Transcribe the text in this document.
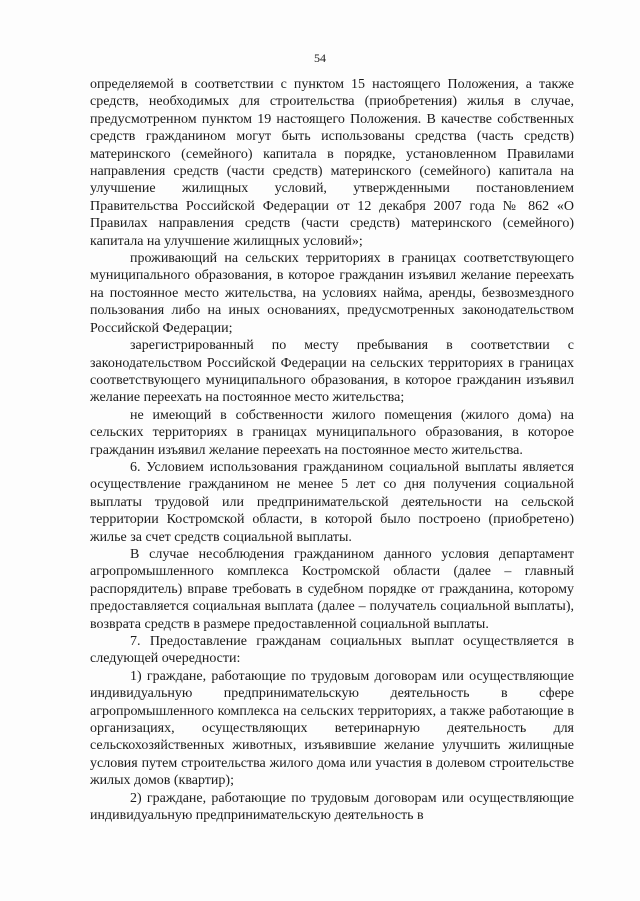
54

определяемой в соответствии с пунктом 15 настоящего Положения, а также средств, необходимых для строительства (приобретения) жилья в случае, предусмотренном пунктом 19 настоящего Положения. В качестве собственных средств гражданином могут быть использованы средства (часть средств) материнского (семейного) капитала в порядке, установленном Правилами направления средств (части средств) материнского (семейного) капитала на улучшение жилищных условий, утвержденными постановлением Правительства Российской Федерации от 12 декабря 2007 года № 862 «О Правилах направления средств (части средств) материнского (семейного) капитала на улучшение жилищных условий»;

проживающий на сельских территориях в границах соответствующего муниципального образования, в которое гражданин изъявил желание переехать на постоянное место жительства, на условиях найма, аренды, безвозмездного пользования либо на иных основаниях, предусмотренных законодательством Российской Федерации;

зарегистрированный по месту пребывания в соответствии с законодательством Российской Федерации на сельских территориях в границах соответствующего муниципального образования, в которое гражданин изъявил желание переехать на постоянное место жительства;

не имеющий в собственности жилого помещения (жилого дома) на сельских территориях в границах муниципального образования, в которое гражданин изъявил желание переехать на постоянное место жительства.

6. Условием использования гражданином социальной выплаты является осуществление гражданином не менее 5 лет со дня получения социальной выплаты трудовой или предпринимательской деятельности на сельской территории Костромской области, в которой было построено (приобретено) жилье за счет средств социальной выплаты.

В случае несоблюдения гражданином данного условия департамент агропромышленного комплекса Костромской области (далее – главный распорядитель) вправе требовать в судебном порядке от гражданина, которому предоставляется социальная выплата (далее – получатель социальной выплаты), возврата средств в размере предоставленной социальной выплаты.

7. Предоставление гражданам социальных выплат осуществляется в следующей очередности:

1) граждане, работающие по трудовым договорам или осуществляющие индивидуальную предпринимательскую деятельность в сфере агропромышленного комплекса на сельских территориях, а также работающие в организациях, осуществляющих ветеринарную деятельность для сельскохозяйственных животных, изъявившие желание улучшить жилищные условия путем строительства жилого дома или участия в долевом строительстве жилых домов (квартир);

2) граждане, работающие по трудовым договорам или осуществляющие индивидуальную предпринимательскую деятельность в
